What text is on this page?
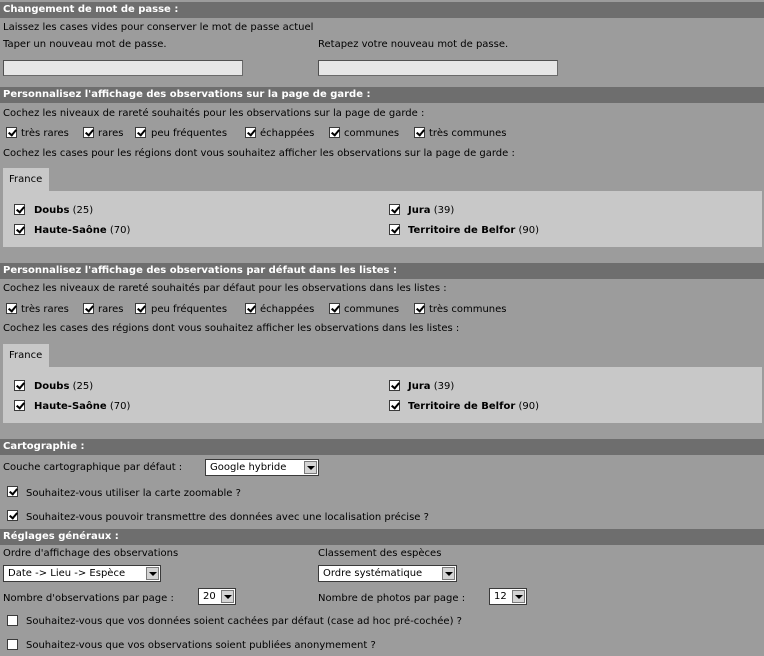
Changement de mot de passe :
Laissez les cases vides pour conserver le mot de passe actuel
Taper un nouveau mot de passe.	Retapez votre nouveau mot de passe.
Personnalisez l'affichage des observations sur la page de garde :
Cochez les niveaux de rareté souhaités pour les observations sur la page de garde :
très rares	rares	peu fréquentes	échappées	communes	très communes
Cochez les cases pour les régions dont vous souhaitez afficher les observations sur la page de garde :
France
Doubs (25)	Jura (39)
Haute-Saône (70)	Territoire de Belfor (90)
Personnalisez l'affichage des observations par défaut dans les listes :
Cochez les niveaux de rareté souhaités par défaut pour les observations dans les listes :
très rares	rares	peu fréquentes	échappées	communes	très communes
Cochez les cases des régions dont vous souhaitez afficher les observations dans les listes :
France
Doubs (25)	Jura (39)
Haute-Saône (70)	Territoire de Belfor (90)
Cartographie :
Couche cartographique par défaut :	Google hybride
Souhaitez-vous utiliser la carte zoomable ?
Souhaitez-vous pouvoir transmettre des données avec une localisation précise ?
Réglages généraux :
Ordre d'affichage des observations	Classement des espèces
Date -> Lieu -> Espèce	Ordre systématique
Nombre d'observations par page :	20	Nombre de photos par page :	12
Souhaitez-vous que vos données soient cachées par défaut (case ad hoc pré-cochée) ?
Souhaitez-vous que vos observations soient publiées anonymement ?
